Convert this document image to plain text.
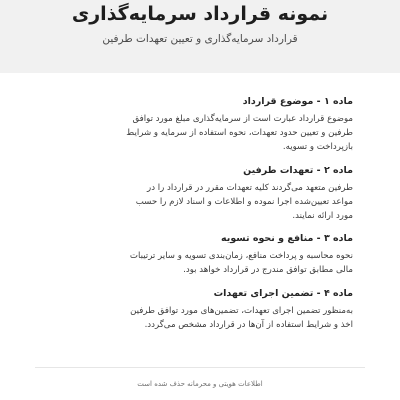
نمونه قرارداد سرمایه‌گذاری
قرارداد سرمایه‌گذاری و تعیین تعهدات طرفین
ماده ۱ - موضوع قرارداد

موضوع قرارداد عبارت است از سرمایه‌گذاری مبلغ مورد توافق
طرفین و تعیین حدود تعهدات، نحوه استفاده از سرمایه و شرایط
بازپرداخت و تسویه.

ماده ۲ - تعهدات طرفین

طرفین متعهد می‌گردند کلیه تعهدات مقرر در قرارداد را در
مواعد تعیین‌شده اجرا نموده و اطلاعات و اسناد لازم را حسب
مورد ارائه نمایند.

ماده ۳ - منافع و نحوه تسویه

نحوه محاسبه و پرداخت منافع، زمان‌بندی تسویه و سایر ترتیبات
مالی مطابق توافق مندرج در قرارداد خواهد بود.

ماده ۴ - تضمین اجرای تعهدات

به‌منظور تضمین اجرای تعهدات، تضمین‌های مورد توافق طرفین
اخذ و شرایط استفاده از آن‌ها در قرارداد مشخص می‌گردد.

اطلاعات هویتی و محرمانه حذف شده است
